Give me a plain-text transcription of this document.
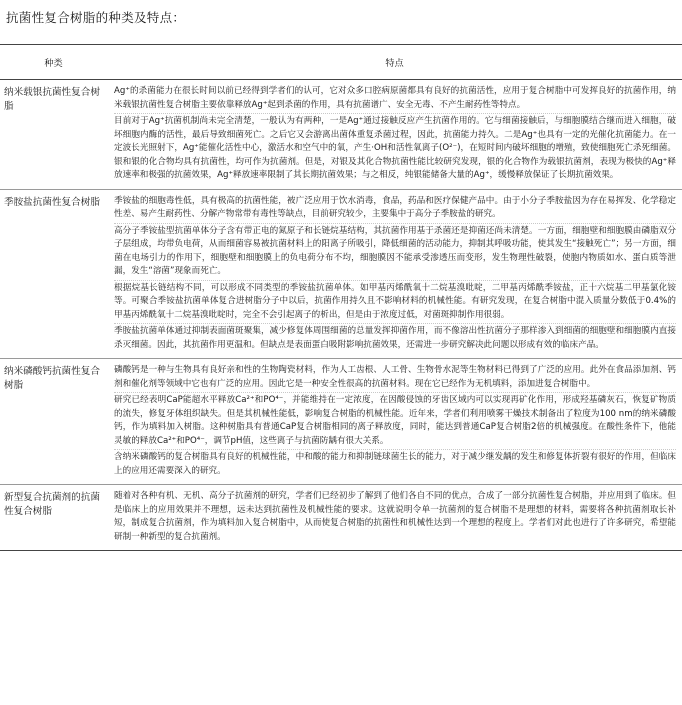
抗菌性复合树脂的种类及特点：
种类	特点
纳米载银抗菌性复合树脂
Ag⁺的杀菌能力在很长时间以前已经得到学者们的认可，它对众多口腔病原菌都具有良好的抗菌活性，应用于复合树脂中可发挥良好的抗菌作用，纳米载银抗菌性复合树脂主要依靠释放Ag⁺起到杀菌的作用，具有抗菌谱广、安全无毒、不产生耐药性等特点。
目前对于Ag⁺抗菌机制尚未完全清楚，一般认为有两种，一是Ag⁺通过接触反应产生抗菌作用的。它与细菌接触后，与细胞膜结合继而进入细胞，破坏细胞内酶的活性，最后导致细菌死亡。之后它又会游离出菌体重复杀菌过程，因此，抗菌能力持久。二是Ag⁺也具有一定的光催化抗菌能力。在一定波长光照射下，Ag⁺能催化活性中心，激活水和空气中的氧，产生·OH和活性氧离子(O²⁻)，在短时间内破坏细胞的增殖，致使细胞死亡杀死细菌。银和银的化合物均具有抗菌性，均可作为抗菌剂。但是，对银及其化合物抗菌性能比较研究发现，银的化合物作为载银抗菌剂，表现为极快的Ag⁺释放速率和极强的抗菌效果，Ag⁺释放速率限制了其长期抗菌效果；与之相反，纯银能储备大量的Ag⁺，缓慢释放保证了长期抗菌效果。
季胺盐抗菌性复合树脂	季铵盐的细胞毒性低，具有极高的抗菌性能，被广泛应用于饮水消毒，食品，药品和医疗保健产品中。由于小分子季胺盐因为存在易挥发、化学稳定性差、易产生耐药性、分解产物常带有毒性等缺点，目前研究较少，主要集中于高分子季胺盐的研究。
高分子季铵盐型抗菌单体分子含有带正电的氮原子和长链烷基结构，其抗菌作用基于杀菌还是抑菌还尚未清楚。一方面，细胞壁和细胞膜由磷脂双分子层组成，均带负电荷，从而细菌容易被抗菌材料上的阳离子所吸引，降低细菌的活动能力，抑制其呼吸功能，使其发生“接触死亡”；另一方面，细菌在电场引力的作用下，细胞壁和细胞膜上的负电荷分布不均，细胞膜因不能承受渗透压而变形，发生物理性破裂，使胞内物质如水、蛋白质等泄漏，发生“溶菌”现象而死亡。
根据烷基长链结构不同，可以形成不同类型的季铵盐抗菌单体。如甲基丙烯酰氧十二烷基溴吡啶，二甲基丙烯酰季铵盐，正十六烷基二甲基氯化铵等。可聚合季铵盐抗菌单体复合进树脂分子中以后，抗菌作用持久且不影响材料的机械性能。有研究发现，在复合树脂中混入质量分数低于0.4%的甲基丙烯酰氧十二烷基溴吡啶时，完全不会引起离子的析出，但是由于浓度过低，对菌斑抑制作用很弱。
季胺盐抗菌单体通过抑制表面菌斑聚集，减少修复体周围细菌的总量发挥抑菌作用，而不像溶出性抗菌分子那样渗入到细菌的细胞壁和细胞膜内直接杀灭细菌。因此，其抗菌作用更温和。但缺点是表面蛋白吸附影响抗菌效果，还需进一步研究解决此问题以形成有效的临床产品。
纳米磷酸钙抗菌性复合树脂
磷酸钙是一种与生物具有良好亲和性的生物陶瓷材料，作为人工齿根、人工骨、生物骨水泥等生物材料已得到了广泛的应用。此外在食品添加剂、钙剂和催化剂等领域中它也有广泛的应用。因此它是一种安全性很高的抗菌材料。现在它已经作为无机填料，添加进复合树脂中。
研究已经表明CaP能超水平释放Ca²⁺和PO⁴⁻，并能维持在一定浓度，在因酸侵蚀的牙齿区域内可以实现再矿化作用，形成羟基磷灰石，恢复矿物质的流失，修复牙体组织缺失。但是其机械性能低，影响复合树脂的机械性能。近年来，学者们利用喷雾干燥技术制备出了粒度为100 nm的纳米磷酸钙，作为填料加入树脂。这种树脂具有普通CaP复合树脂相同的离子释放度，同时，能达到普通CaP复合树脂2倍的机械强度。在酸性条件下，他能灵敏的释放Ca²⁺和PO⁴⁻，调节pH值，这些离子与抗菌防龋有很大关系。
含纳米磷酸钙的复合树脂具有良好的机械性能，中和酸的能力和抑制链球菌生长的能力，对于减少继发龋的发生和修复体折裂有很好的作用，但临床上的应用还需要深入的研究。
新型复合抗菌剂的抗菌性复合树脂
随着对各种有机、无机、高分子抗菌剂的研究，学者们已经初步了解到了他们各自不同的优点，合成了一部分抗菌性复合树脂，并应用到了临床。但是临床上的应用效果并不理想，远未达到抗菌性及机械性能的要求。这就说明令单一抗菌剂的复合树脂不是理想的材料，需要将各种抗菌剂取长补短，制成复合抗菌剂，作为填料加入复合树脂中，从而使复合树脂的抗菌性和机械性达到一个理想的程度上。学者们对此也进行了许多研究，希望能研制一种新型的复合抗菌剂。
